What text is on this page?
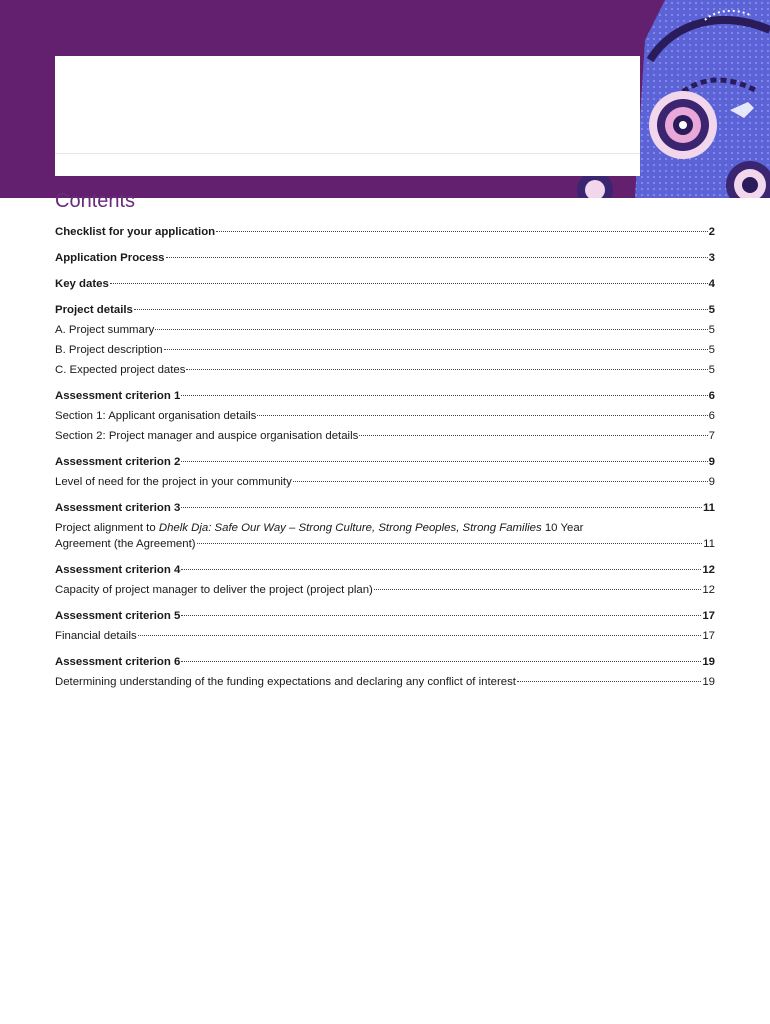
Contents
Checklist for your application	2
Application Process	3
Key dates	4
Project details	5
A. Project summary	5
B. Project description	5
C. Expected project dates	5
Assessment criterion 1	6
Section 1: Applicant organisation details	6
Section 2: Project manager and auspice organisation details	7
Assessment criterion 2	9
Level of need for the project in your community	9
Assessment criterion 3	11
Project alignment to Dhelk Dja: Safe Our Way – Strong Culture, Strong Peoples, Strong Families 10 Year
Agreement (the Agreement)	11
Assessment criterion 4	12
Capacity of project manager to deliver the project (project plan)	12
Assessment criterion 5	17
Financial details	17
Assessment criterion 6	19
Determining understanding of the funding expectations and declaring any conflict of interest	19
